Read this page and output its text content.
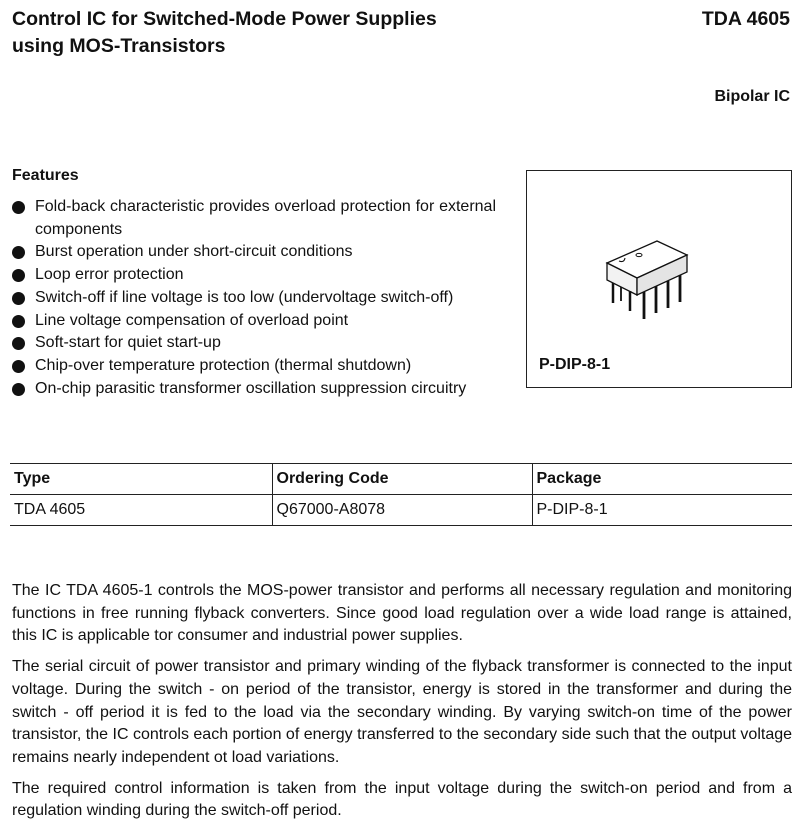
Control IC for Switched-Mode Power Supplies
using MOS-Transistors
TDA 4605
Bipolar IC
Features
Fold-back characteristic provides overload protection for external components
Burst operation under short-circuit conditions
Loop error protection
Switch-off if line voltage is too low (undervoltage switch-off)
Line voltage compensation of overload point
Soft-start for quiet start-up
Chip-over temperature protection (thermal shutdown)
On-chip parasitic transformer oscillation suppression circuitry
P-DIP-8-1
Type	Ordering Code	Package
TDA 4605	Q67000-A8078	P-DIP-8-1

The IC TDA 4605-1 controls the MOS-power transistor and performs all necessary regulation and monitoring functions in free running flyback converters. Since good load regulation over a wide load range is attained, this IC is applicable tor consumer and industrial power supplies.

The serial circuit of power transistor and primary winding of the flyback transformer is connected to the input voltage. During the switch - on period of the transistor, energy is stored in the transformer and during the switch - off period it is fed to the load via the secondary winding. By varying switch-on time of the power transistor, the IC controls each portion of energy transferred to the secondary side such that the output voltage remains nearly independent ot load variations.

The required control information is taken from the input voltage during the switch-on period and from a regulation winding during the switch-off period.
